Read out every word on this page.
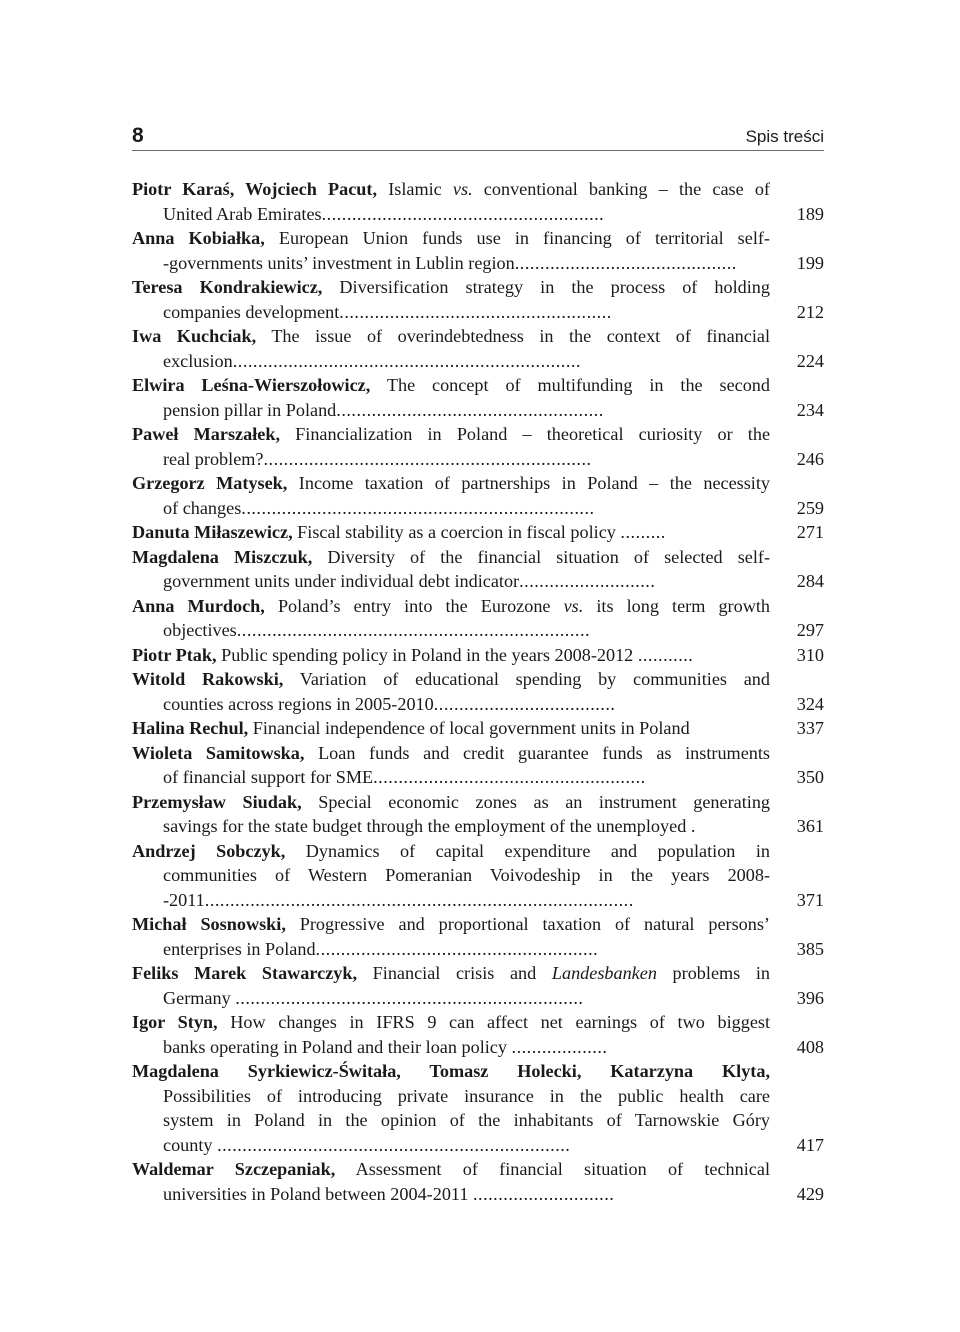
8	Spis treści
Piotr Karaś, Wojciech Pacut, Islamic vs. conventional banking – the case of
United Arab Emirates........................................................	189
Anna Kobiałka, European Union funds use in financing of territorial self-
-governments units’ investment in Lublin region............................................	199
Teresa Kondrakiewicz, Diversification strategy in the process of holding
companies development......................................................	212
Iwa Kuchciak, The issue of overindebtedness in the context of financial
exclusion.....................................................................	224
Elwira Leśna-Wierszołowicz, The concept of multifunding in the second
pension pillar in Poland.....................................................	234
Paweł Marszałek, Financialization in Poland – theoretical curiosity or the
real problem?.................................................................	246
Grzegorz Matysek, Income taxation of partnerships in Poland – the necessity
of changes......................................................................	259
Danuta Miłaszewicz, Fiscal stability as a coercion in fiscal policy .........	271
Magdalena Miszczuk, Diversity of the financial situation of selected self-
government units under individual debt indicator...........................	284
Anna Murdoch, Poland’s entry into the Eurozone vs. its long term growth
objectives......................................................................	297
Piotr Ptak, Public spending policy in Poland in the years 2008-2012 ...........	310
Witold Rakowski, Variation of educational spending by communities and
counties across regions in 2005-2010....................................	324
Halina Rechul, Financial independence of local government units in Poland	337
Wioleta Samitowska, Loan funds and credit guarantee funds as instruments
of financial support for SME......................................................	350
Przemysław Siudak, Special economic zones as an instrument generating
savings for the state budget through the employment of the unemployed .	361
Andrzej Sobczyk, Dynamics of capital expenditure and population in
communities of Western Pomeranian Voivodeship in the years 2008-
-2011.....................................................................................	371
Michał Sosnowski, Progressive and proportional taxation of natural persons’
enterprises in Poland........................................................	385
Feliks Marek Stawarczyk, Financial crisis and Landesbanken problems in
Germany .....................................................................	396
Igor Styn, How changes in IFRS 9 can affect net earnings of two biggest
banks operating in Poland and their loan policy ...................	408
Magdalena Syrkiewicz-Świtała, Tomasz Holecki, Katarzyna Klyta,
Possibilities of introducing private insurance in the public health care
system in Poland in the opinion of the inhabitants of Tarnowskie Góry
county ......................................................................	417
Waldemar Szczepaniak, Assessment of financial situation of technical
universities in Poland between 2004-2011 ............................	429
